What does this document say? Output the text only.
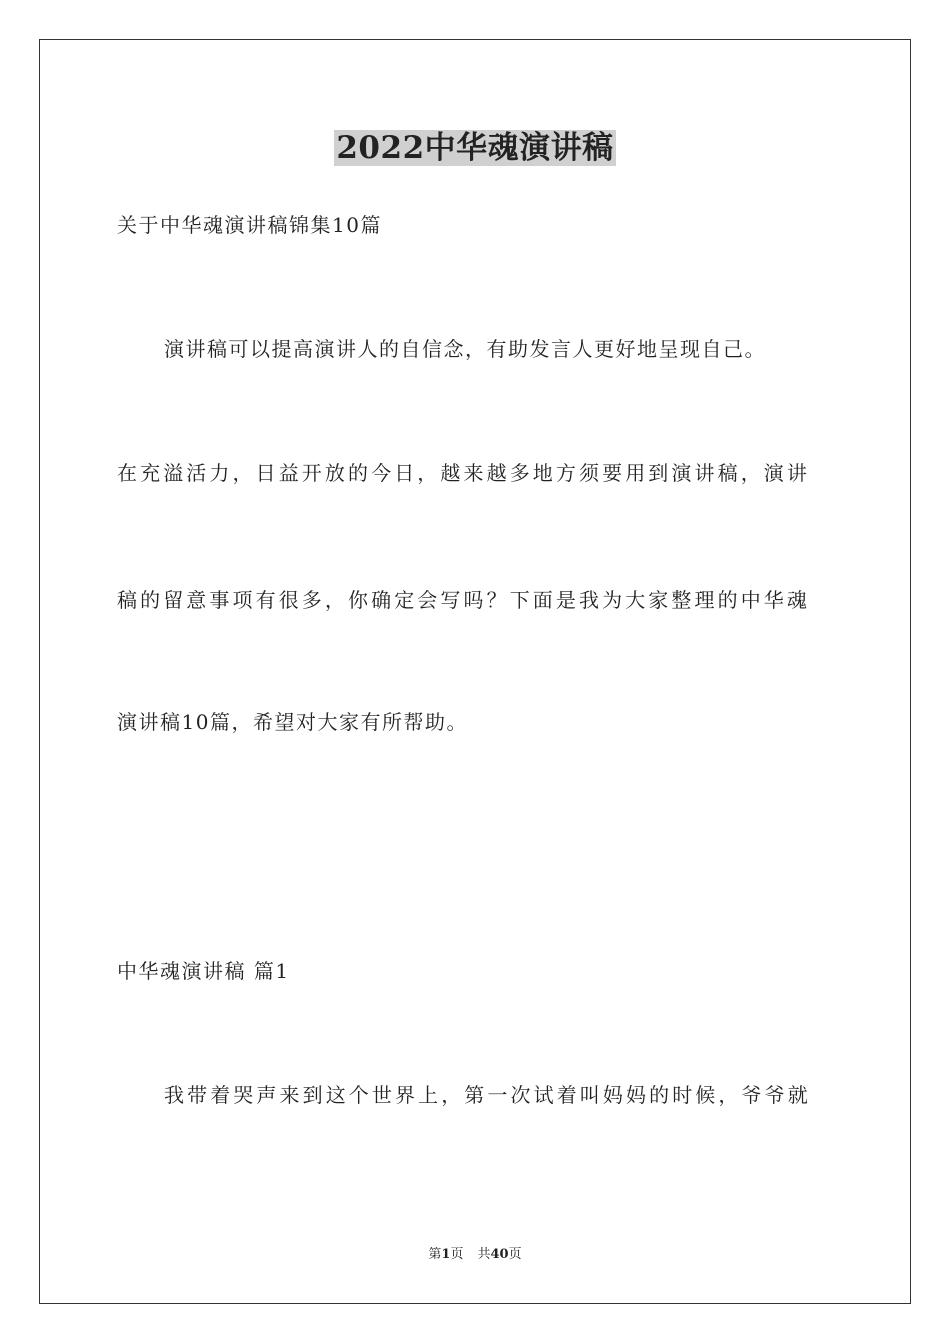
2022中华魂演讲稿
关于中华魂演讲稿锦集10篇
演讲稿可以提高演讲人的自信念，有助发言人更好地呈现自己。
在充溢活力，日益开放的今日，越来越多地方须要用到演讲稿，演讲
稿的留意事项有很多，你确定会写吗？下面是我为大家整理的中华魂
演讲稿10篇，希望对大家有所帮助。
中华魂演讲稿 篇1
我带着哭声来到这个世界上，第一次试着叫妈妈的时候，爷爷就
第1页 共40页
